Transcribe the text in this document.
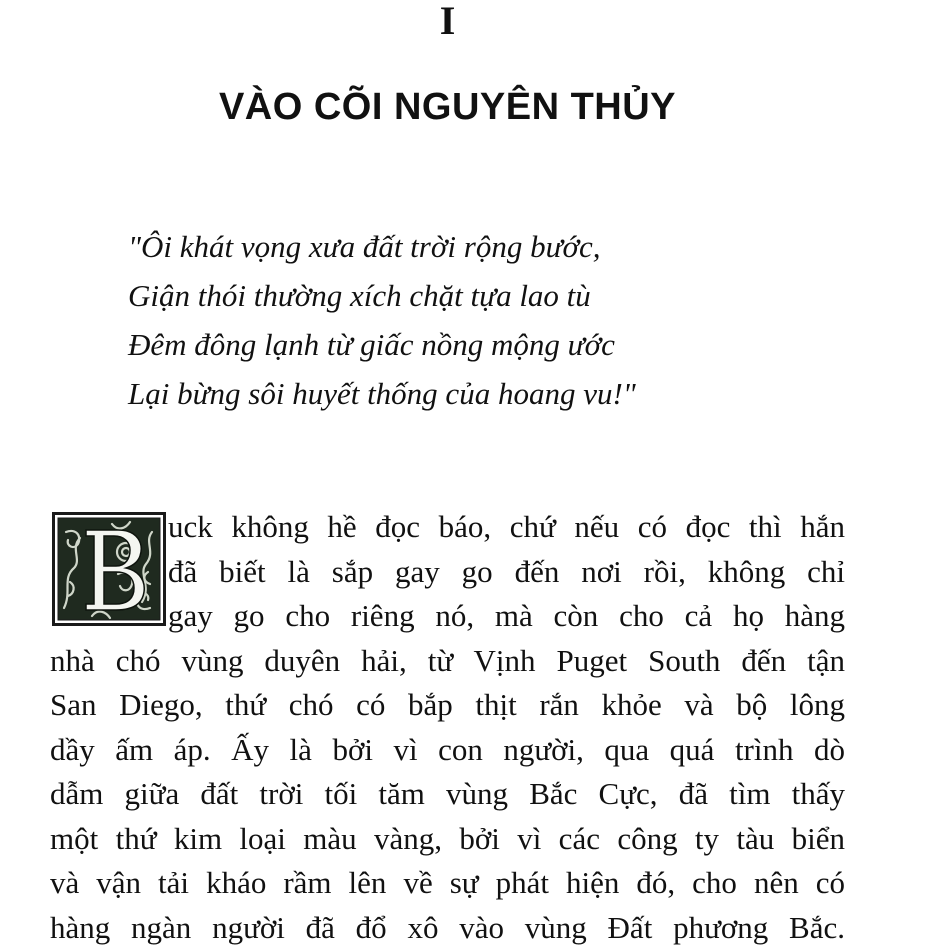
I
VÀO CÕI NGUYÊN THỦY
"Ôi khát vọng xưa đất trời rộng bước,
Giận thói thường xích chặt tựa lao tù
Đêm đông lạnh từ giấc nồng mộng ước
Lại bừng sôi huyết thống của hoang vu!"
uck không hề đọc báo, chứ nếu có đọc thì hắn
đã biết là sắp gay go đến nơi rồi, không chỉ
gay go cho riêng nó, mà còn cho cả họ hàng
nhà chó vùng duyên hải, từ Vịnh Puget South đến tận
San Diego, thứ chó có bắp thịt rắn khỏe và bộ lông
dầy ấm áp. Ấy là bởi vì con người, qua quá trình dò
dẫm giữa đất trời tối tăm vùng Bắc Cực, đã tìm thấy
một thứ kim loại màu vàng, bởi vì các công ty tàu biển
và vận tải kháo rầm lên về sự phát hiện đó, cho nên có
hàng ngàn người đã đổ xô vào vùng Đất phương Bắc.
